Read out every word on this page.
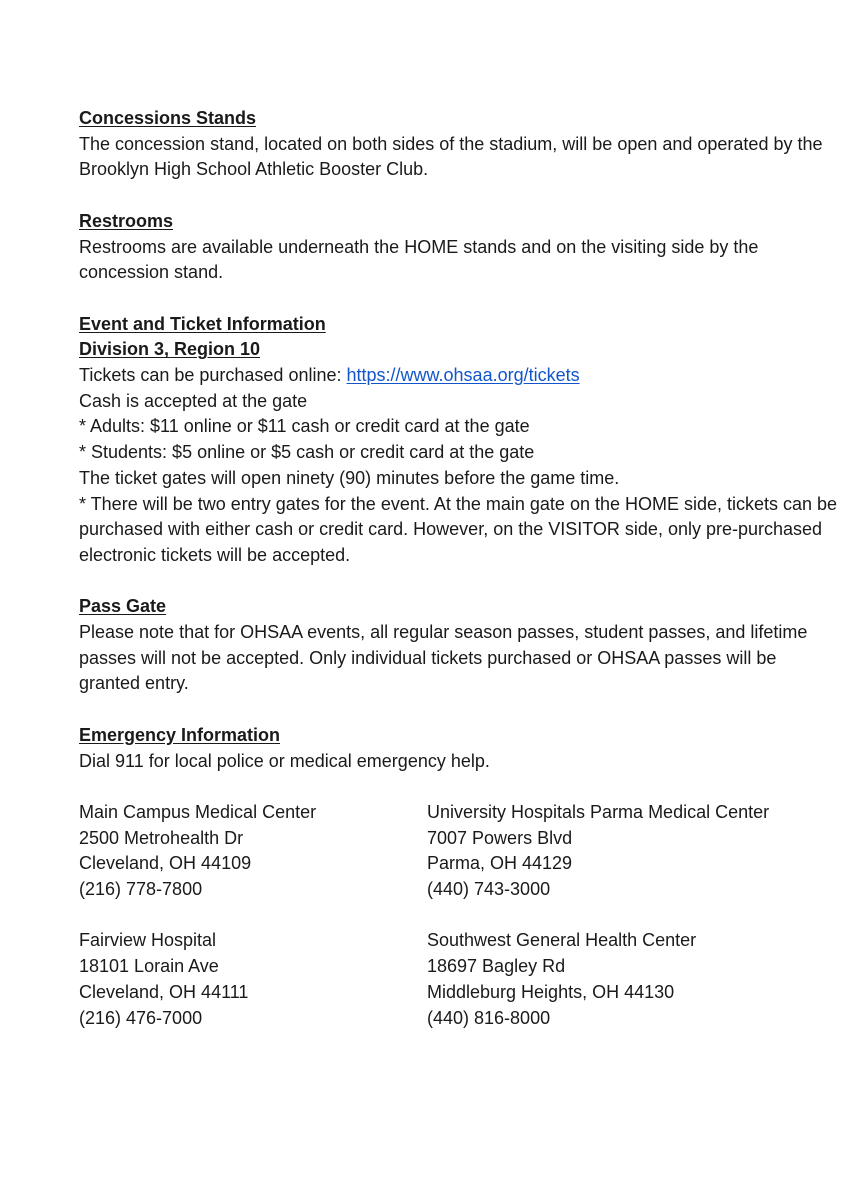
Concessions Stands
The concession stand, located on both sides of the stadium, will be open and operated by the Brooklyn High School Athletic Booster Club.
Restrooms
Restrooms are available underneath the HOME stands and on the visiting side by the concession stand.
Event and Ticket Information
Division 3, Region 10
Tickets can be purchased online: https://www.ohsaa.org/tickets
Cash is accepted at the gate
* Adults: $11 online or $11 cash or credit card at the gate
* Students: $5 online or $5 cash or credit card at the gate
The ticket gates will open ninety (90) minutes before the game time.
* There will be two entry gates for the event. At the main gate on the HOME side, tickets can be purchased with either cash or credit card. However, on the VISITOR side, only pre-purchased electronic tickets will be accepted.
Pass Gate
Please note that for OHSAA events, all regular season passes, student passes, and lifetime passes will not be accepted. Only individual tickets purchased or OHSAA passes will be granted entry.
Emergency Information
Dial 911 for local police or medical emergency help.
Main Campus Medical Center
2500 Metrohealth Dr
Cleveland, OH 44109
(216) 778-7800
University Hospitals Parma Medical Center
7007 Powers Blvd
Parma, OH 44129
(440) 743-3000
Fairview Hospital
18101 Lorain Ave
Cleveland, OH 44111
(216) 476-7000
Southwest General Health Center
18697 Bagley Rd
Middleburg Heights, OH 44130
(440) 816-8000
